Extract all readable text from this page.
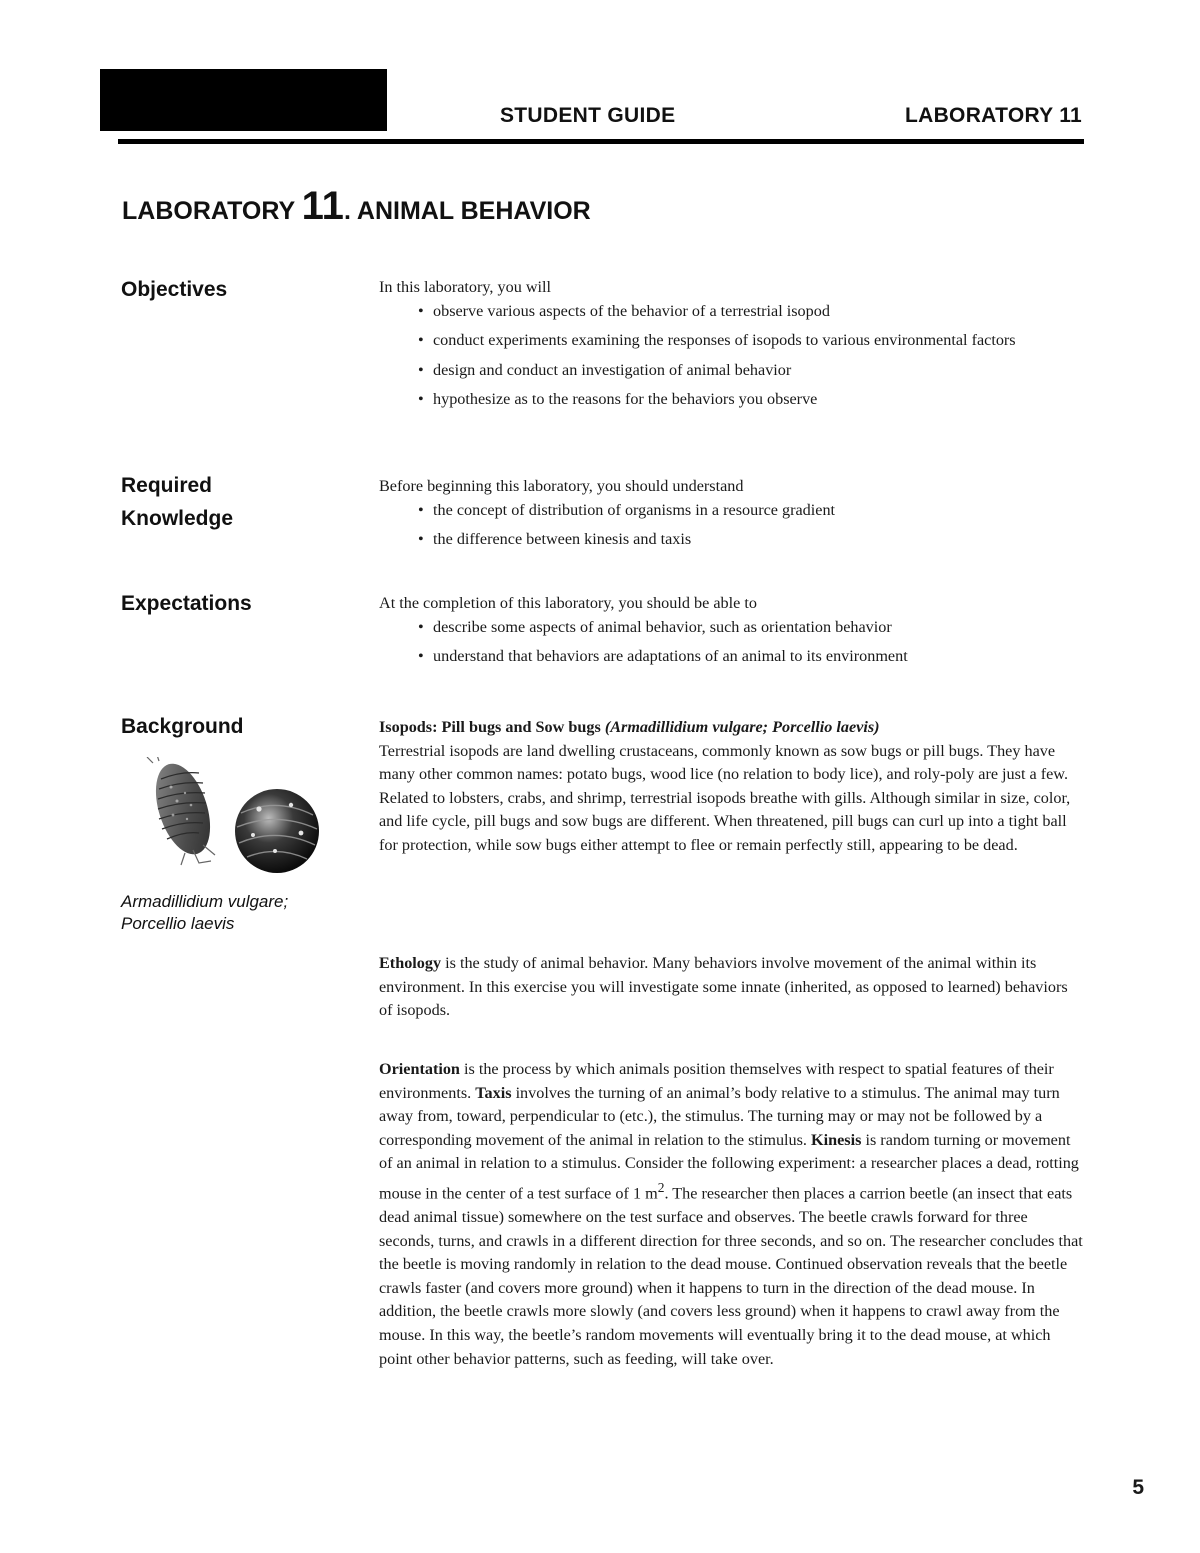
STUDENT GUIDE	LABORATORY 11
LABORATORY 11. ANIMAL BEHAVIOR
Objectives	In this laboratory, you will

• observe various aspects of the behavior of a terrestrial isopod
• conduct experiments examining the responses of isopods to various environmental factors
• design and conduct an investigation of animal behavior
• hypothesize as to the reasons for the behaviors you observe
Required
Knowledge

Before beginning this laboratory, you should understand

• the concept of distribution of organisms in a resource gradient
• the difference between kinesis and taxis
Expectations	At the completion of this laboratory, you should be able to

• describe some aspects of animal behavior, such as orientation behavior
• understand that behaviors are adaptations of an animal to its environment
Background
Armadillidium vulgare;
Porcellio laevis

Isopods: Pill bugs and Sow bugs (Armadillidium vulgare; Porcellio laevis)

Terrestrial isopods are land dwelling crustaceans, commonly known as sow bugs or pill bugs. They have many other common names: potato bugs, wood lice (no relation to body lice), and roly-poly are just a few. Related to lobsters, crabs, and shrimp, terrestrial isopods breathe with gills. Although similar in size, color, and life cycle, pill bugs and sow bugs are different. When threatened, pill bugs can curl up into a tight ball for protection, while sow bugs either attempt to flee or remain perfectly still, appearing to be dead.

Ethology is the study of animal behavior. Many behaviors involve movement of the animal within its environment. In this exercise you will investigate some innate (inherited, as opposed to learned) behaviors of isopods.

Orientation is the process by which animals position themselves with respect to spatial features of their environments. Taxis involves the turning of an animal’s body relative to a stimulus. The animal may turn away from, toward, perpendicular to (etc.), the stimulus. The turning may or may not be followed by a corresponding movement of the animal in relation to the stimulus. Kinesis is random turning or movement of an animal in relation to a stimulus. Consider the following experiment: a researcher places a dead, rotting mouse in the center of a test surface of 1 $m^2$. The researcher then places a carrion beetle (an insect that eats dead animal tissue) somewhere on the test surface and observes. The beetle crawls forward for three seconds, turns, and crawls in a different direction for three seconds, and so on. The researcher concludes that the beetle is moving randomly in relation to the dead mouse. Continued observation reveals that the beetle crawls faster (and covers more ground) when it happens to turn in the direction of the dead mouse. In addition, the beetle crawls more slowly (and covers less ground) when it happens to crawl away from the mouse. In this way, the beetle’s random movements will eventually bring it to the dead mouse, at which point other behavior patterns, such as feeding, will take over.

5
